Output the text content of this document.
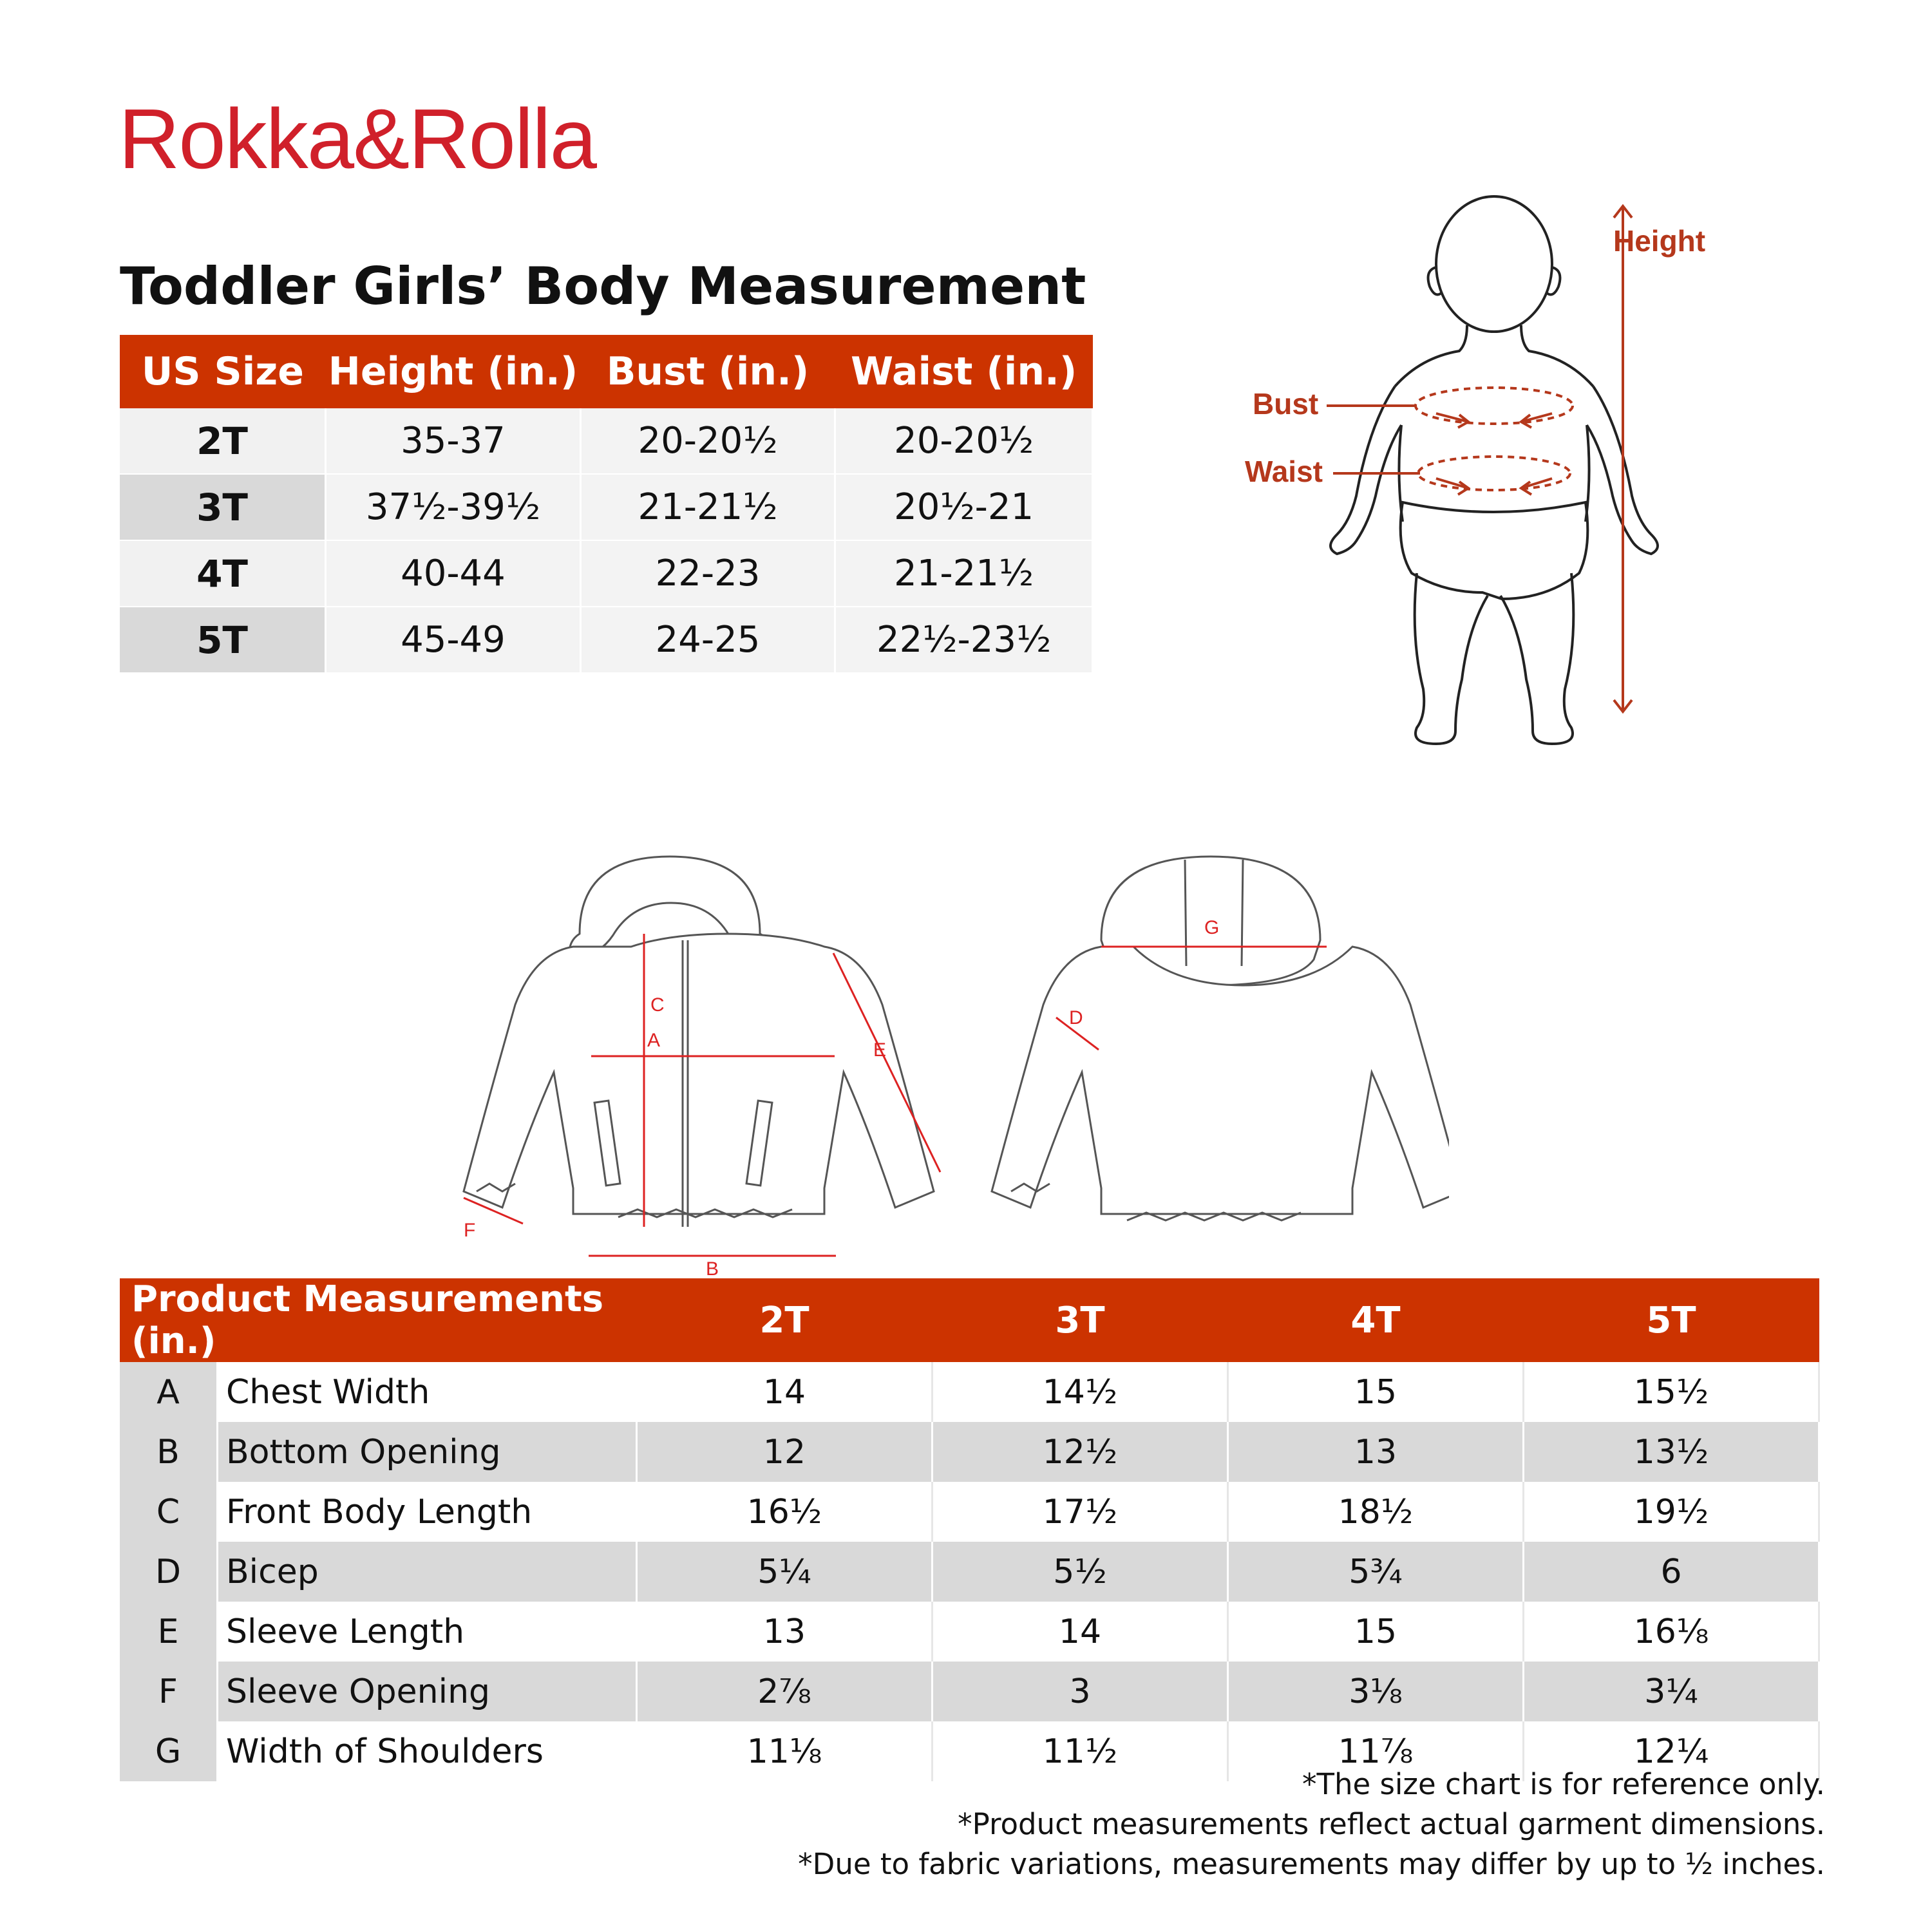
Rokka&Rolla
Toddler Girls’ Body Measurement
US Size	Height (in.)	Bust (in.)	Waist (in.)
2T	35-37	20-20½	20-20½
3T	37½-39½	21-21½	20½-21
4T	40-44	22-23	21-21½
5T	45-49	24-25	22½-23½
Height
Bust
Waist
A
B
C
E
F
G
D
Product Measurements (in.)		2T	3T	4T	5T
A	Chest Width	14	14½	15	15½
B	Bottom Opening	12	12½	13	13½
C	Front Body Length	16½	17½	18½	19½
D	Bicep	5¼	5½	5¾	6
E	Sleeve Length	13	14	15	16⅛
F	Sleeve Opening	2⅞	3	3⅛	3¼
G	Width of Shoulders	11⅛	11½	11⅞	12¼
*The size chart is for reference only.
*Product measurements reflect actual garment dimensions.
*Due to fabric variations, measurements may differ by up to ½ inches.
